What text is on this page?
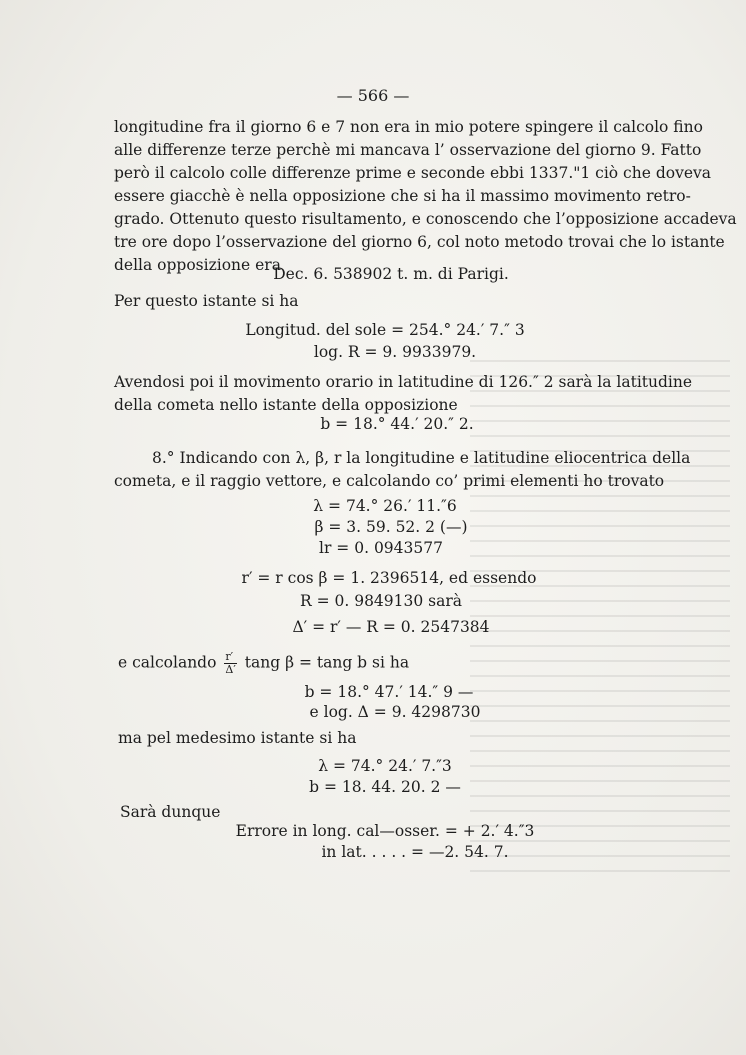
— 566 —
longitudine fra il giorno 6 e 7 non era in mio potere spingere il calcolo fino
alle differenze terze perchè mi mancava l’ osservazione del giorno 9. Fatto
però il calcolo colle differenze prime e seconde ebbi 1337."1 ciò che doveva
essere giacchè è nella opposizione che si ha il massimo movimento retro-
grado. Ottenuto questo risultamento, e conoscendo che l’opposizione accadeva
tre ore dopo l’osservazione del giorno 6, col noto metodo trovai che lo istante
della opposizione era
Dec. 6. 538902 t. m. di Parigi.
Per questo istante si ha
Longitud. del sole = 254.° 24.′ 7.″ 3
log. R = 9. 9933979.
Avendosi poi il movimento orario in latitudine di 126.″ 2 sarà la latitudine
della cometa nello istante della opposizione
b = 18.° 44.′ 20.″ 2.
8.° Indicando con λ, β, r la longitudine e latitudine eliocentrica della
cometa, e il raggio vettore, e calcolando co’ primi elementi ho trovato
λ = 74.° 26.′ 11.″6
β = 3. 59. 52. 2 (—)
lr = 0. 0943577
r′ = r cos β = 1. 2396514, ed essendo
R = 0. 9849130 sarà
Δ′ = r′ — R = 0. 2547384
e calcolando $\frac{r'}{\Delta'}$ tang β = tang b si ha
b = 18.° 47.′ 14.″ 9 —
e log. Δ = 9. 4298730
ma pel medesimo istante si ha
λ = 74.° 24.′ 7.″3
b = 18. 44. 20. 2 —
Sarà dunque
Errore in long. cal—osser. = + 2.′ 4.″3
in lat. . . . . = —2. 54. 7.
